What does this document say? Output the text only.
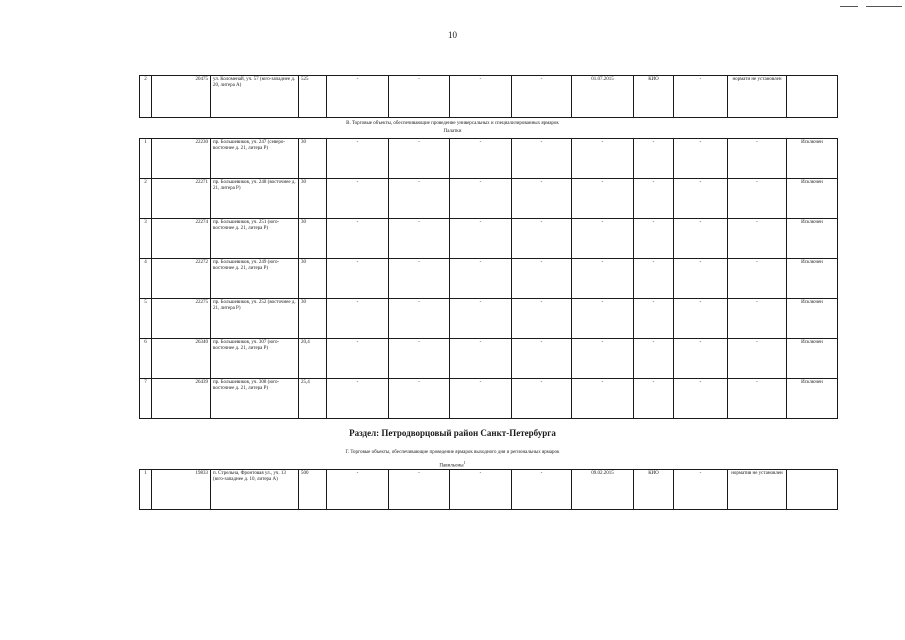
10
2	20475	ул. Коломенай, уч. 57 (юго-западнее д. 20, литера А)	525	-	-	-	-	01.07.2015	КИО	-	нормати не установлен	
В. Торговые объекты, обеспечивающие проведение универсальных и специализированных ярмарок
Палатки
1	22230	пр. Большевиков, уч. 247 (северо-восточнее д. 21, литера Р)	30	-	-	-	-	-	-	-	-	Исключен
2	22271	пр. Большевиков, уч. 248 (восточнее д. 21, литера Р)	30	-	-	-	-	-	-	-	-	Исключен
3	22274	пр. Большевиков, уч. 251 (юго-восточнее д. 21, литера Р)	30	-	-	-	-	-	-	-	-	Исключен
4	22272	пр. Большевиков, уч. 249 (юго-восточнее д. 21, литера Р)	30	-	-	-	-	-	-	-	-	Исключен
5	22275	пр. Большевиков, уч. 252 (восточнее д. 21, литера Р)	30	-	-	-	-	-	-	-	-	Исключен
6	26340	пр. Большевиков, уч. 307 (юго-восточнее д. 21, литера Р)	20,4	-	-	-	-	-	-	-	-	Исключен
7	26439	пр. Большевиков, уч. 308 (юго-восточнее д. 21, литера Р)	25,4	-	-	-	-	-	-	-	-	Исключен
Раздел: Петродворцовый район Санкт-Петербурга
Г. Торговые объекты, обеспечивающие проведение ярмарок выходного дня и региональных ярмарок
Павильоны$^1$
1	19833	п. Стрельна, Фронтовая ул., уч. 13 (юго-западнее д. 10, литера А)	500	-	-	-	-	09.02.2015	КИО	-	норматив не установлен	
